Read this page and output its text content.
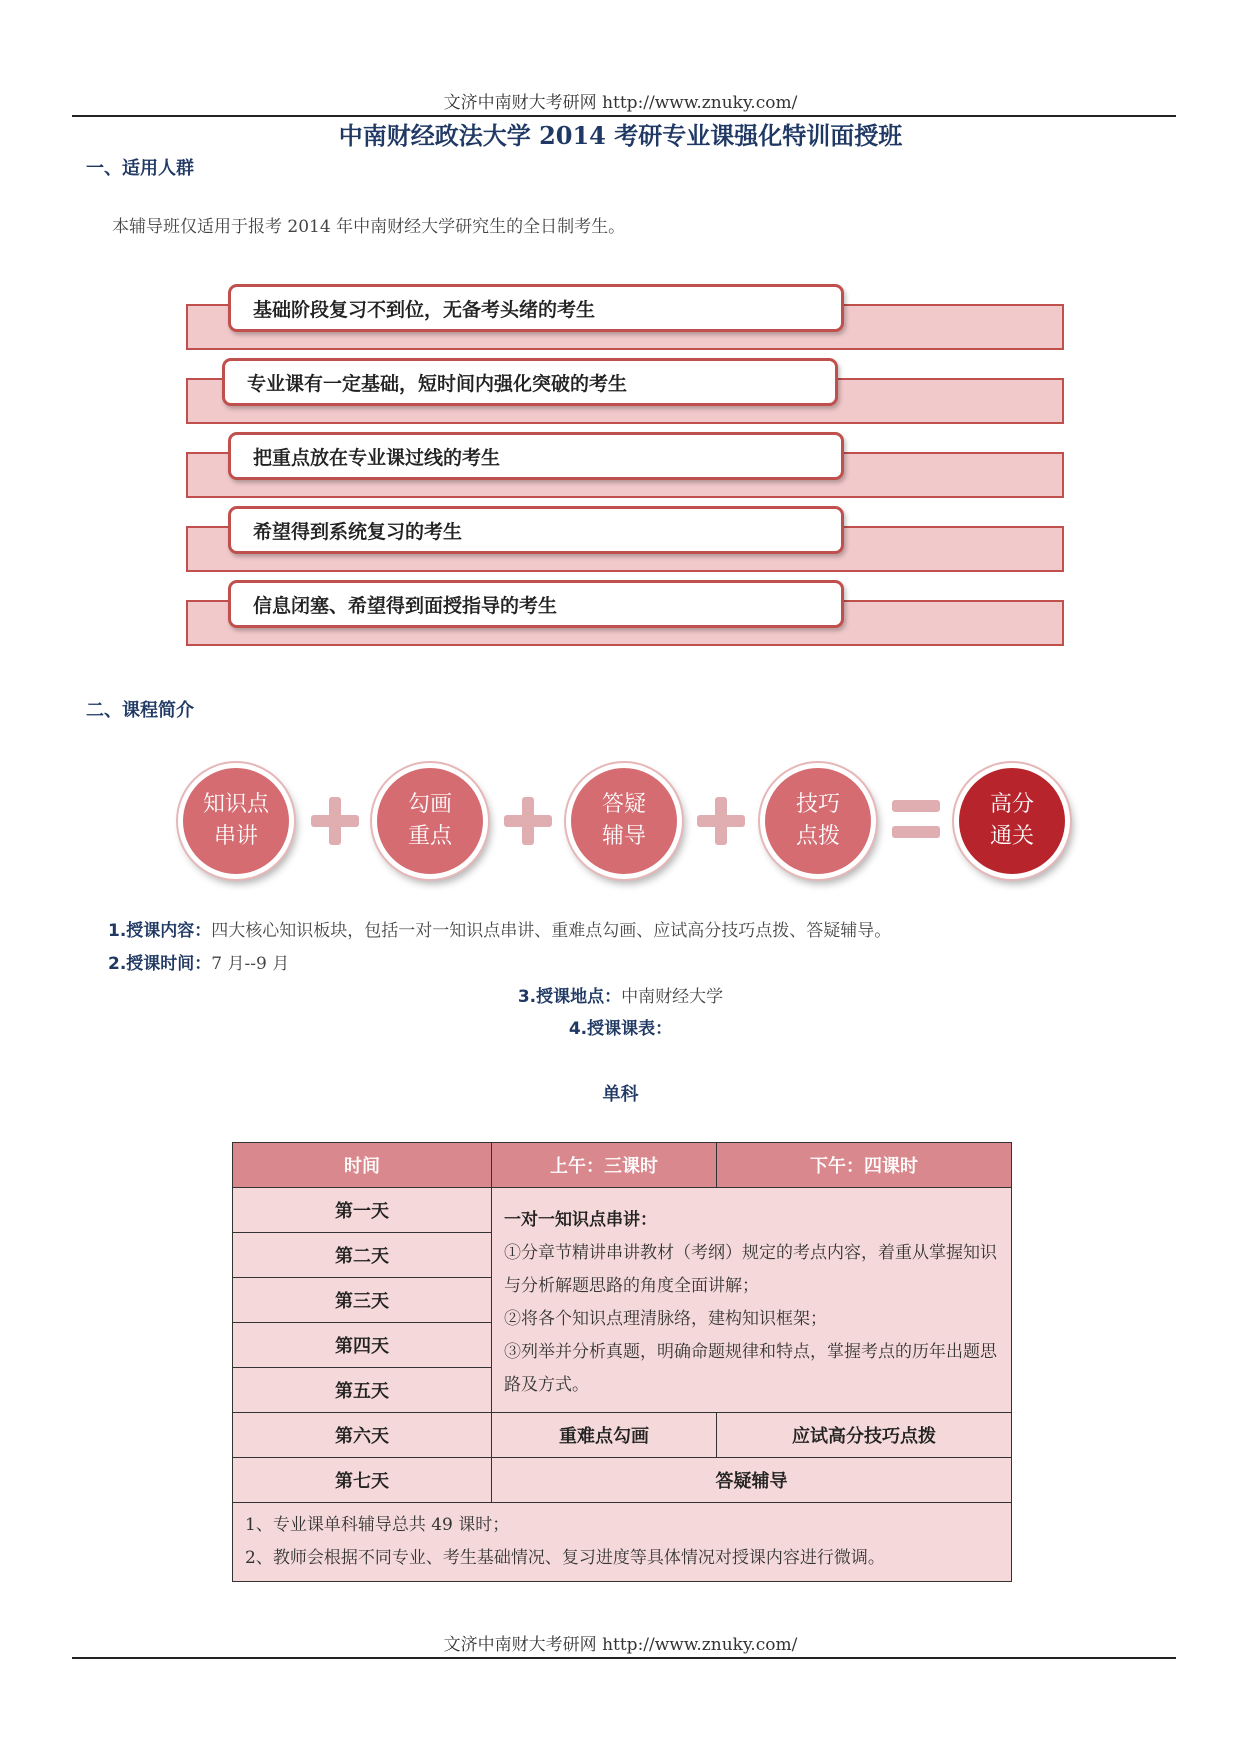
文济中南财大考研网 http://www.znuky.com/
中南财经政法大学 2014 考研专业课强化特训面授班
一、适用人群
本辅导班仅适用于报考 2014 年中南财经大学研究生的全日制考生。
基础阶段复习不到位，无备考头绪的考生
专业课有一定基础，短时间内强化突破的考生
把重点放在专业课过线的考生
希望得到系统复习的考生
信息闭塞、希望得到面授指导的考生
二、课程简介
知识点
串讲
勾画
重点
答疑
辅导
技巧
点拨
高分
通关
1.授课内容：四大核心知识板块，包括一对一知识点串讲、重难点勾画、应试高分技巧点拨、答疑辅导。
2.授课时间：7 月--9 月
3.授课地点：中南财经大学
4.授课课表：
单科
时间	上午：三课时	下午：四课时
第一天	一对一知识点串讲：
①分章节精讲串讲教材（考纲）规定的考点内容，着重从掌握知识与分析解题思路的角度全面讲解；
②将各个知识点理清脉络，建构知识框架；
③列举并分析真题，明确命题规律和特点，掌握考点的历年出题思路及方式。	

第二天		
第三天		
第四天		
第五天		
第六天	重难点勾画	应试高分技巧点拨
第七天	答疑辅导	

1、专业课单科辅导总共 49 课时；
2、教师会根据不同专业、考生基础情况、复习进度等具体情况对授课内容进行微调。		
文济中南财大考研网 http://www.znuky.com/
